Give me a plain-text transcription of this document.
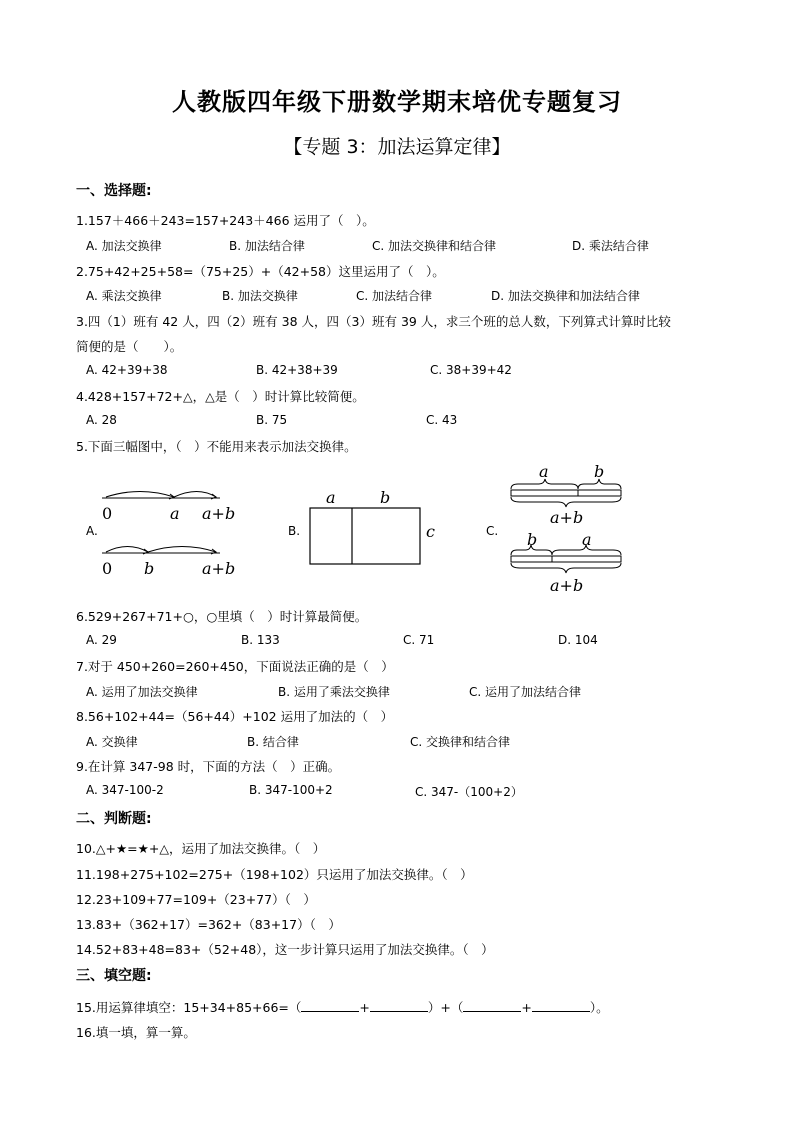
人教版四年级下册数学期末培优专题复习
【专题 3：加法运算定律】
一、选择题:
1.157＋466＋243=157+243＋466 运用了（　）。
A. 加法交换律	B. 加法结合律	C. 加法交换律和结合律	D. 乘法结合律
2.75+42+25+58=（75+25）+（42+58）这里运用了（　）。
A. 乘法交换律	B. 加法交换律	C. 加法结合律	D. 加法交换律和加法结合律
3.四（1）班有 42 人，四（2）班有 38 人，四（3）班有 39 人，求三个班的总人数，下列算式计算时比较
简便的是（　　）。
A. 42+39+38	B. 42+38+39	C. 38+39+42
4.428+157+72+△，△是（　）时计算比较简便。
A. 28	B. 75	C. 43
5.下面三幅图中，（　）不能用来表示加法交换律。
A.
0	a a+b
0 b	a+b
B.
a	b
c	C.
a	b
a+b
b	a
a+b
6.529+267+71+○，○里填（　）时计算最简便。
A. 29	B. 133	C. 71	D. 104
7.对于 450+260=260+450，下面说法正确的是（　）
A. 运用了加法交换律	B. 运用了乘法交换律	C. 运用了加法结合律
8.56+102+44=（56+44）+102 运用了加法的（　）
A. 交换律	B. 结合律	C. 交换律和结合律
9.在计算 347-98 时，下面的方法（　）正确。
A. 347-100-2	B. 347-100+2	C. 347-（100+2）
二、判断题:
10.△+★=★+△，运用了加法交换律。（　）
11.198+275+102=275+（198+102）只运用了加法交换律。（　）
12.23+109+77=109+（23+77）（　）
13.83+（362+17）=362+（83+17）（　）
14.52+83+48=83+（52+48），这一步计算只运用了加法交换律。（　）
三、填空题:
15.用运算律填空：15+34+85+66=（	+	）+（	+	）。
16.填一填，算一算。
